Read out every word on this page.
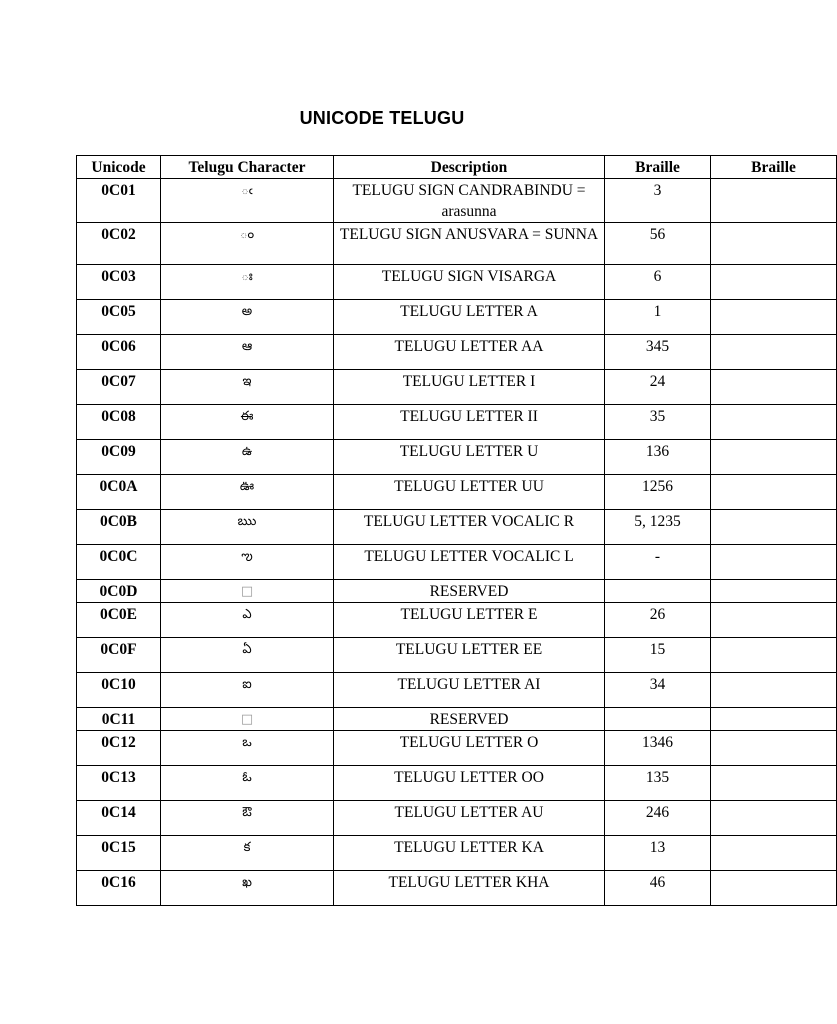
UNICODE TELUGU
Unicode	Telugu Character	Description	Braille	Braille
0C01	ఁ	TELUGU SIGN CANDRABINDU = arasunna	3	
0C02	ం	TELUGU SIGN ANUSVARA = SUNNA	56	
0C03	ః	TELUGU SIGN VISARGA	6	
0C05	అ	TELUGU LETTER A	1	
0C06	ఆ	TELUGU LETTER AA	345	
0C07	ఇ	TELUGU LETTER I	24	
0C08	ఈ	TELUGU LETTER II	35	
0C09	ఉ	TELUGU LETTER U	136	
0C0A	ఊ	TELUGU LETTER UU	1256	
0C0B	ఋ	TELUGU LETTER VOCALIC R	5, 1235	
0C0C	ఌ	TELUGU LETTER VOCALIC L	-	
0C0D	□	RESERVED		
0C0E	ఎ	TELUGU LETTER E	26	
0C0F	ఏ	TELUGU LETTER EE	15	
0C10	ఐ	TELUGU LETTER AI	34	
0C11	□	RESERVED		
0C12	ఒ	TELUGU LETTER O	1346	
0C13	ఓ	TELUGU LETTER OO	135	
0C14	ఔ	TELUGU LETTER AU	246	
0C15	క	TELUGU LETTER KA	13	
0C16	ఖ	TELUGU LETTER KHA	46	
